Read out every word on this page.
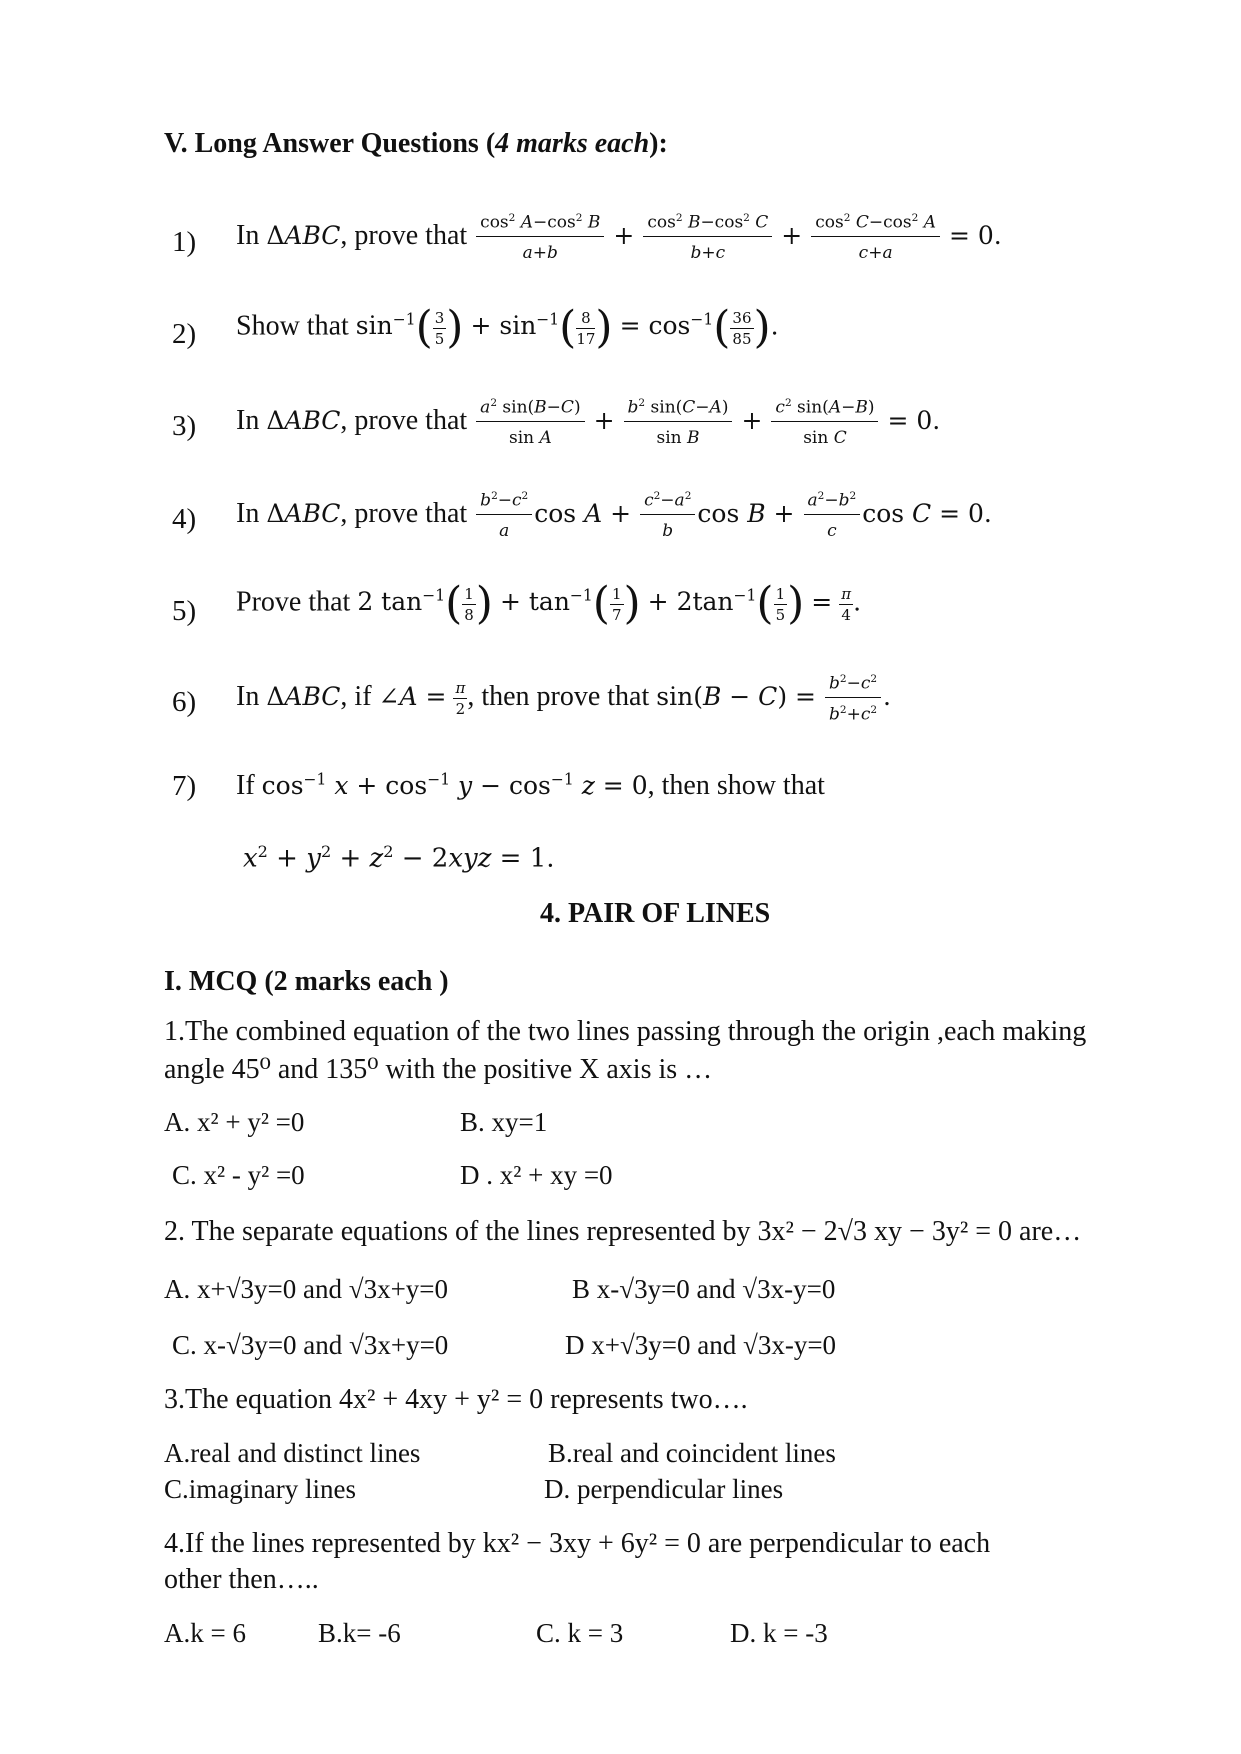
V. Long Answer Questions (4 marks each):
1) In ΔABC, prove that $\frac{\cos^2 A-\cos^2 B}{a+b} + \frac{\cos^2 B-\cos^2 C}{b+c} + \frac{\cos^2 C-\cos^2 A}{c+a} = 0$.
2) Show that $\sin^{-1}( \frac{3}{5}$ ) + $\sin^{-1}( \frac{8}{17}$ ) = $\cos^{-1}( \frac{36}{85}$ ).
3) In ΔABC, prove that $\frac{a^2 \sin(B-C)}{\text{sin A}} + \frac{b^2 \sin(C-A)}{\text{sin B}} + \frac{c^2 \sin(A-B)}{\text{sin C}} = 0$.
4) In ΔABC, prove that $\frac{b^2-c^2}{a}$ $\cos A + \frac{c^2-a^2}{b}$ $\cos B + \frac{a^2-b^2}{c}$ cos C = 0.
5) Prove that 2 $\tan^{-1}( \frac{1}{8}$ ) + $\tan^{-1}( \frac{1}{7}$ ) + $2\tan^{-1}( \frac{1}{5}$ ) = $\frac{\pi}{4}$ .
6) In ΔABC, if ∠A = $\frac{\pi}{2}$ , then prove that $\sin(B - C) = \frac{b^2-c^2}{b^2+c^2}$ .
7) If $\cos^{-1} x + \cos^{-1} y - \cos^{-1} z = 0$, then show that
$x^2 + y^2 + z^2 - 2xyz = 1$.
4. PAIR OF LINES
I. MCQ (2 marks each )
1.The combined equation of the two lines passing through the origin ,each making
angle 45⁰ and 135⁰ with the positive X axis is …
A. x² + y² =0	B. xy=1
C. x² - y² =0	D . x² + xy =0
2. The separate equations of the lines represented by 3x² − 2√3 xy − 3y² = 0 are…
A. x+√3y=0 and √3x+y=0	B x-√3y=0 and √3x-y=0
C. x-√3y=0 and √3x+y=0	D x+√3y=0 and √3x-y=0
3.The equation 4x² + 4xy + y² = 0 represents two….
A.real and distinct lines	B.real and coincident lines
C.imaginary lines	D. perpendicular lines
4.If the lines represented by kx² − 3xy + 6y² = 0 are perpendicular to each
other then…..
A.k = 6	B.k= -6	C. k = 3	D. k = -3
